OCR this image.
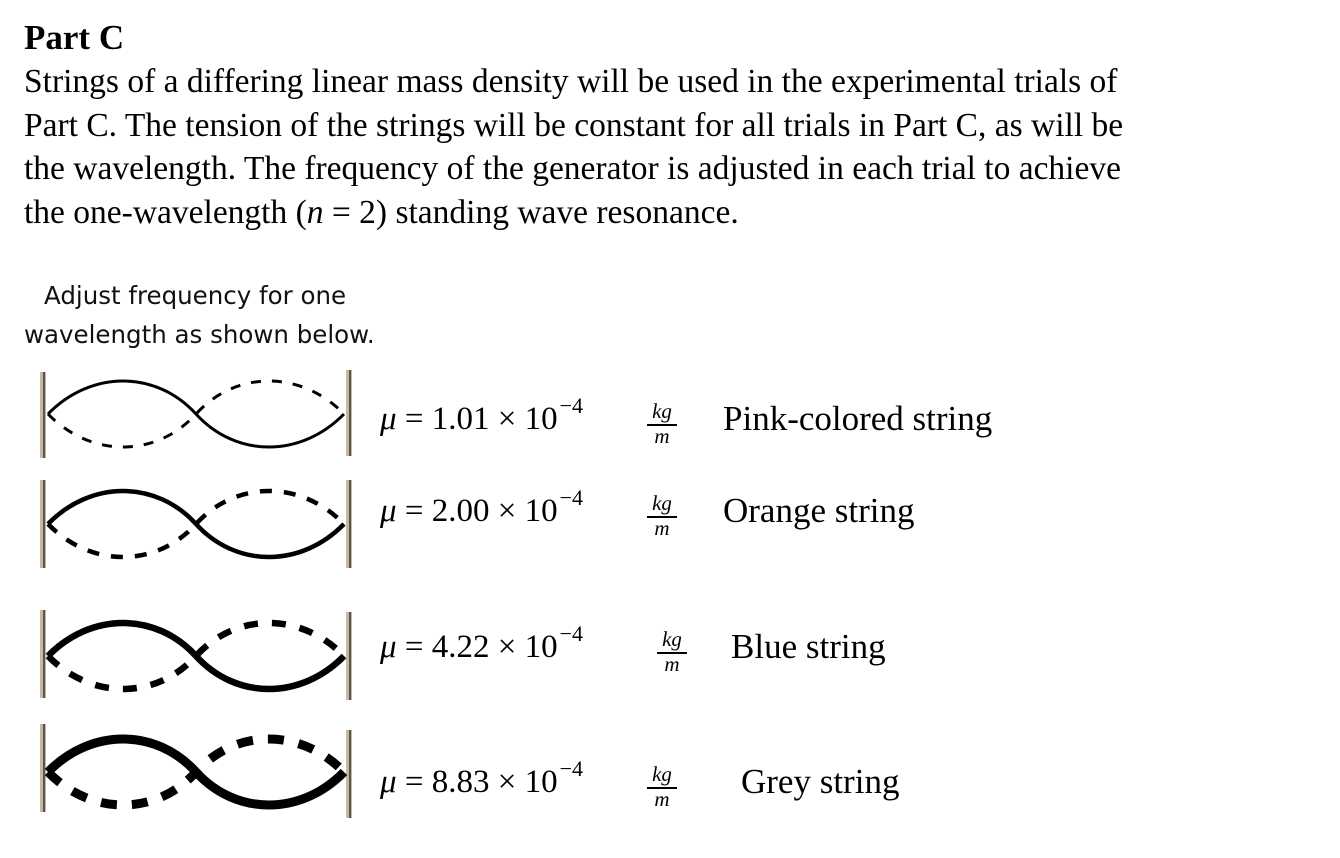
Part C
Strings of a differing linear mass density will be used in the experimental trials of
Part C. The tension of the strings will be constant for all trials in Part C, as will be
the wavelength. The frequency of the generator is adjusted in each trial to achieve
the one-wavelength (n = 2) standing wave resonance.
Adjust frequency for one
wavelength as shown below.
$\mu = 1.01 \times 10^{-4}$	kg
m	Pink-colored string
$\mu = 2.00 \times 10^{-4}$	kg
m	Orange string
$\mu = 4.22 \times 10^{-4}$	kg
m	Blue string
$\mu = 8.83 \times 10^{-4}$	kg
m	Grey string
